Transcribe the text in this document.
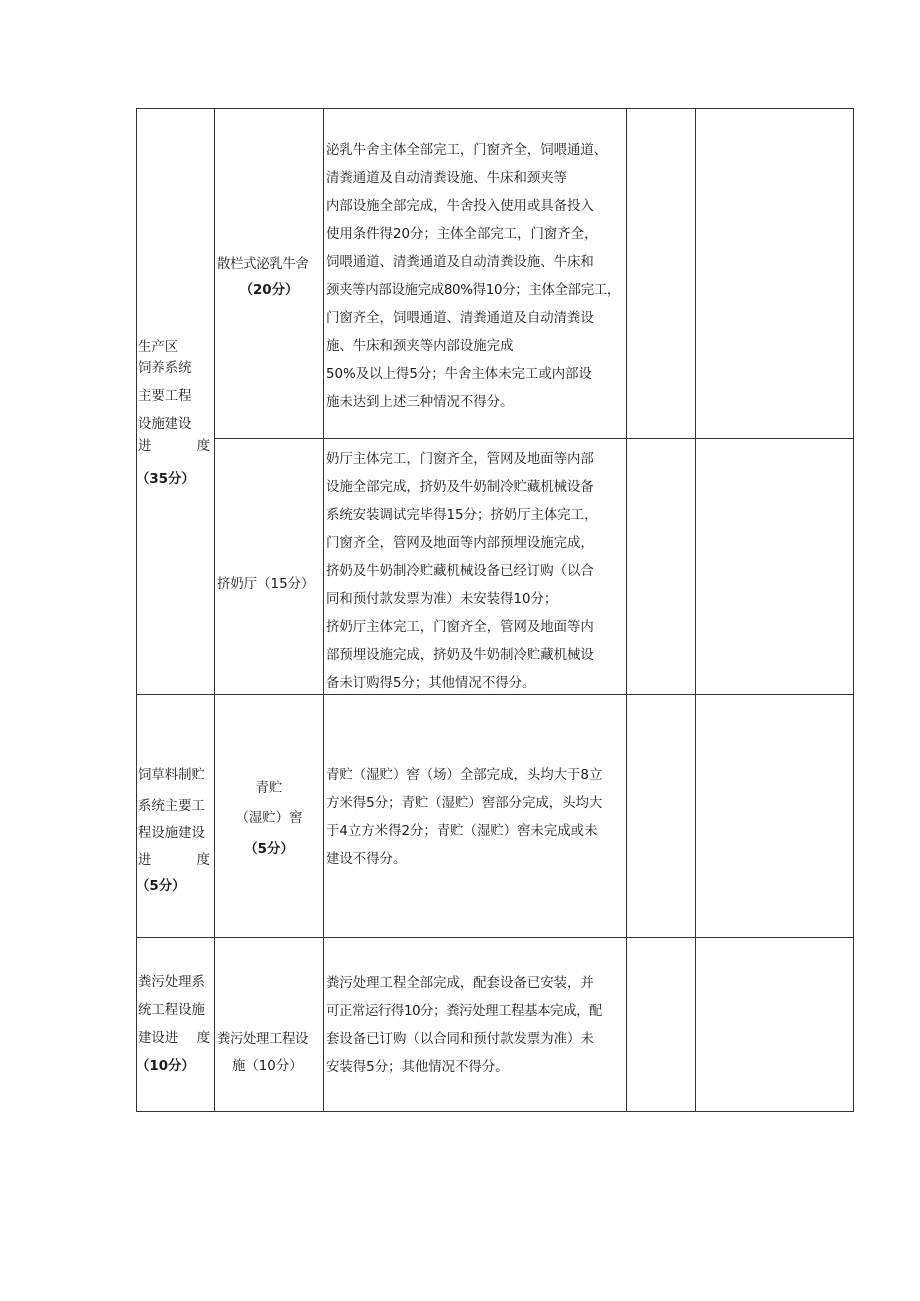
生产区
饲养系统
主要工程
设施建设
进	度
（35分）
饲草料制贮
系统主要工
程设施建设
进	度
（5分）
粪污处理系
统工程设施
建设进 度
（10分）
散栏式泌乳牛舍
（20分）
挤奶厅（15分）
青贮
（湿贮）窖
（5分）
粪污处理工程设
施（10分）
泌乳牛舍主体全部完工，门窗齐全，饲喂通道、
清粪通道及自动清粪设施、牛床和颈夹等
内部设施全部完成，牛舍投入使用或具备投入
使用条件得20分；主体全部完工，门窗齐全，
饲喂通道、清粪通道及自动清粪设施、牛床和
颈夹等内部设施完成80%得10分；主体全部完工，
门窗齐全，饲喂通道、清粪通道及自动清粪设
施、牛床和颈夹等内部设施完成
50%及以上得5分；牛舍主体未完工或内部设
施未达到上述三种情况不得分。
奶厅主体完工，门窗齐全，管网及地面等内部
设施全部完成，挤奶及牛奶制冷贮藏机械设备
系统安装调试完毕得15分；挤奶厅主体完工，
门窗齐全，管网及地面等内部预埋设施完成，
挤奶及牛奶制冷贮藏机械设备已经订购（以合
同和预付款发票为准）未安装得10分；
挤奶厅主体完工，门窗齐全，管网及地面等内
部预埋设施完成，挤奶及牛奶制冷贮藏机械设
备未订购得5分；其他情况不得分。
青贮（湿贮）窖（场）全部完成，头均大于8立
方米得5分；青贮（湿贮）窖部分完成，头均大
于4立方米得2分；青贮（湿贮）窖未完成或未
建设不得分。
粪污处理工程全部完成，配套设备已安装，并
可正常运行得10分；粪污处理工程基本完成，配
套设备已订购（以合同和预付款发票为准）未
安装得5分；其他情况不得分。
